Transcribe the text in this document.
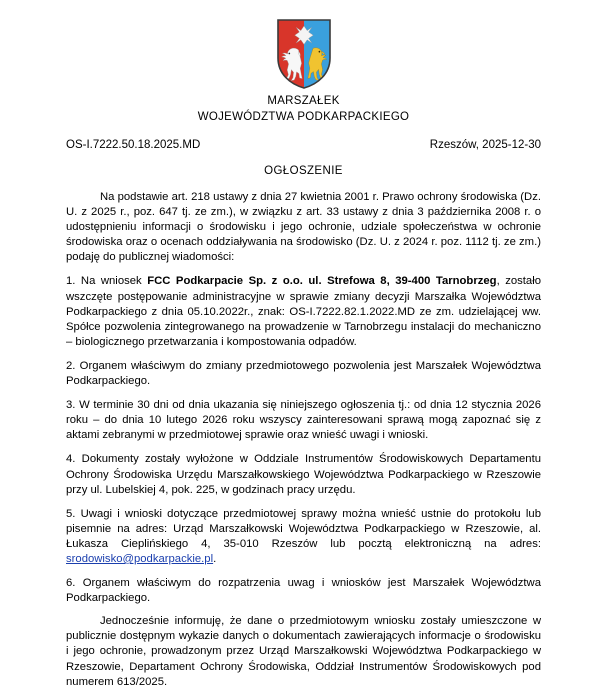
MARSZAŁEK
WOJEWÓDZTWA PODKARPACKIEGO
OS-I.7222.50.18.2025.MD	Rzeszów, 2025-12-30
OGŁOSZENIE

Na podstawie art. 218 ustawy z dnia 27 kwietnia 2001 r. Prawo ochrony środowiska (Dz. U. z 2025 r., poz. 647 tj. ze zm.), w związku z art. 33 ustawy z dnia 3 października 2008 r. o udostępnieniu informacji o środowisku i jego ochronie, udziale społeczeństwa w ochronie środowiska oraz o ocenach oddziaływania na środowisko (Dz. U. z 2024 r. poz. 1112 tj. ze zm.) podaję do publicznej wiadomości:

1. Na wniosek FCC Podkarpacie Sp. z o.o. ul. Strefowa 8, 39-400 Tarnobrzeg, zostało wszczęte postępowanie administracyjne w sprawie zmiany decyzji Marszałka Województwa Podkarpackiego z dnia 05.10.2022r., znak: OS-I.7222.82.1.2022.MD ze zm. udzielającej ww. Spółce pozwolenia zintegrowanego na prowadzenie w Tarnobrzegu instalacji do mechaniczno – biologicznego przetwarzania i kompostowania odpadów.

2. Organem właściwym do zmiany przedmiotowego pozwolenia jest Marszałek Województwa Podkarpackiego.

3. W terminie 30 dni od dnia ukazania się niniejszego ogłoszenia tj.: od dnia 12 stycznia 2026 roku – do dnia 10 lutego 2026 roku wszyscy zainteresowani sprawą mogą zapoznać się z aktami zebranymi w przedmiotowej sprawie oraz wnieść uwagi i wnioski.

4. Dokumenty zostały wyłożone w Oddziale Instrumentów Środowiskowych Departamentu Ochrony Środowiska Urzędu Marszałkowskiego Województwa Podkarpackiego w Rzeszowie przy ul. Lubelskiej 4, pok. 225, w godzinach pracy urzędu.

5. Uwagi i wnioski dotyczące przedmiotowej sprawy można wnieść ustnie do protokołu lub pisemnie na adres: Urząd Marszałkowski Województwa Podkarpackiego w Rzeszowie, al. Łukasza Cieplińskiego 4, 35-010 Rzeszów lub pocztą elektroniczną na adres: srodowisko@podkarpackie.pl.

6. Organem właściwym do rozpatrzenia uwag i wniosków jest Marszałek Województwa Podkarpackiego.

Jednocześnie informuję, że dane o przedmiotowym wniosku zostały umieszczone w publicznie dostępnym wykazie danych o dokumentach zawierających informacje o środowisku i jego ochronie, prowadzonym przez Urząd Marszałkowski Województwa Podkarpackiego w Rzeszowie, Departament Ochrony Środowiska, Oddział Instrumentów Środowiskowych pod numerem 613/2025.
